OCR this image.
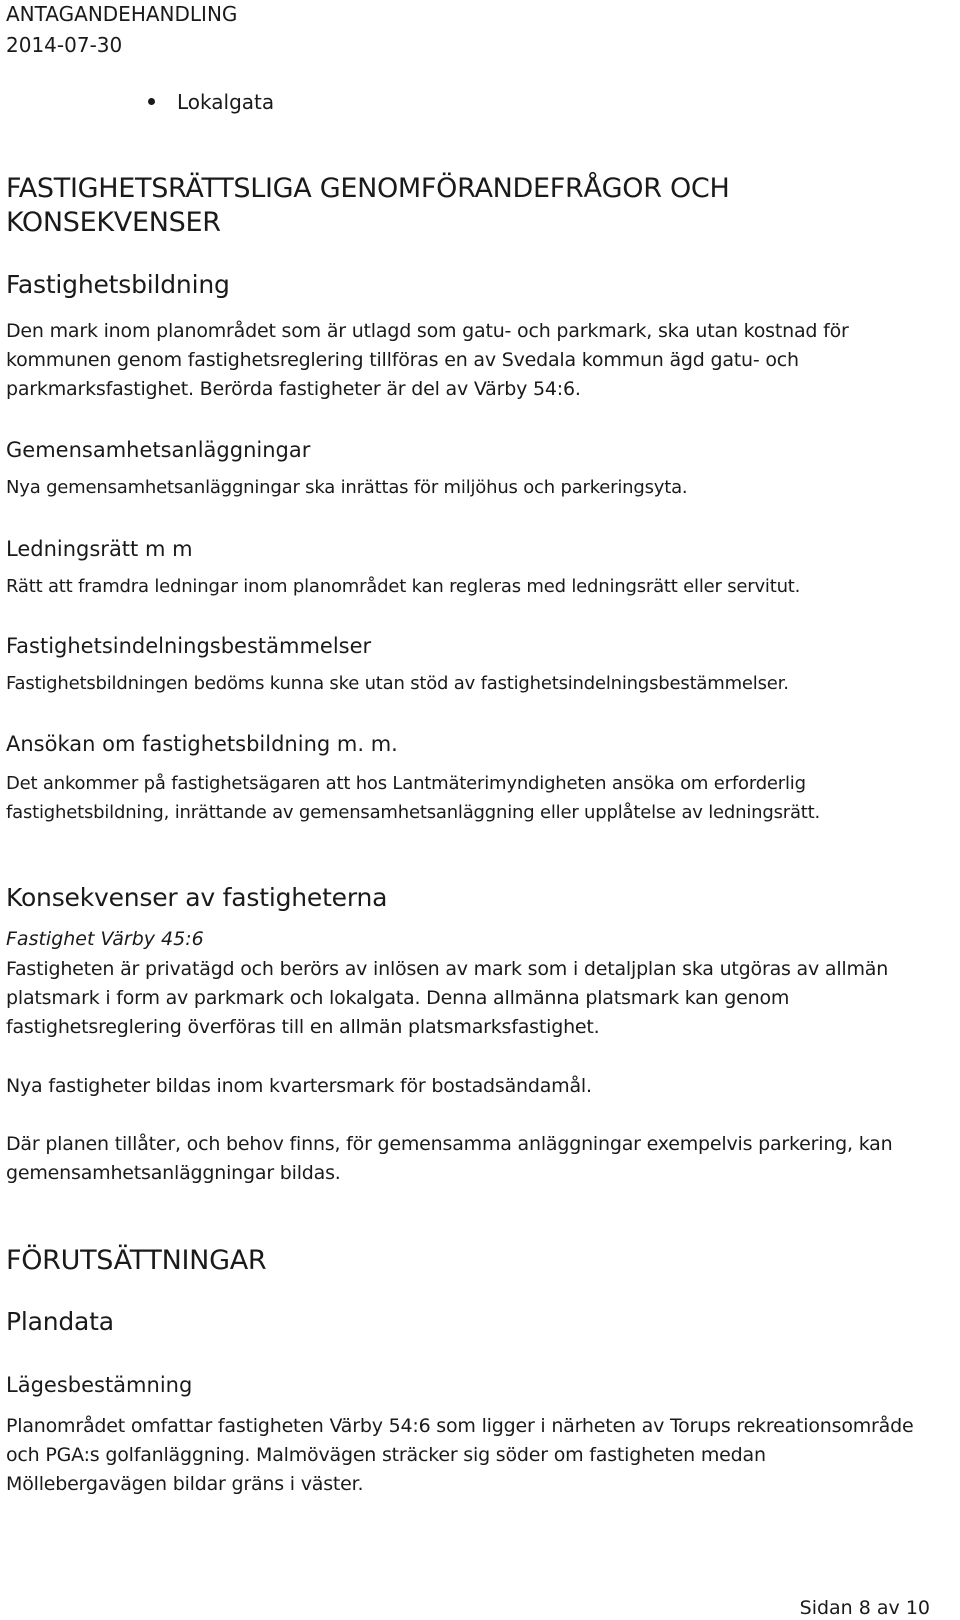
ANTAGANDEHANDLING
2014-07-30
Lokalgata
FASTIGHETSRÄTTSLIGA GENOMFÖRANDEFRÅGOR OCH
KONSEKVENSER
Fastighetsbildning
Den mark inom planområdet som är utlagd som gatu- och parkmark, ska utan kostnad för
kommunen genom fastighetsreglering tillföras en av Svedala kommun ägd gatu- och
parkmarksfastighet. Berörda fastigheter är del av Värby 54:6.
Gemensamhetsanläggningar
Nya gemensamhetsanläggningar ska inrättas för miljöhus och parkeringsyta.
Ledningsrätt m m
Rätt att framdra ledningar inom planområdet kan regleras med ledningsrätt eller servitut.
Fastighetsindelningsbestämmelser
Fastighetsbildningen bedöms kunna ske utan stöd av fastighetsindelningsbestämmelser.
Ansökan om fastighetsbildning m. m.
Det ankommer på fastighetsägaren att hos Lantmäterimyndigheten ansöka om erforderlig
fastighetsbildning, inrättande av gemensamhetsanläggning eller upplåtelse av ledningsrätt.
Konsekvenser av fastigheterna
Fastighet Värby 45:6
Fastigheten är privatägd och berörs av inlösen av mark som i detaljplan ska utgöras av allmän
platsmark i form av parkmark och lokalgata. Denna allmänna platsmark kan genom
fastighetsreglering överföras till en allmän platsmarksfastighet.
Nya fastigheter bildas inom kvartersmark för bostadsändamål.
Där planen tillåter, och behov finns, för gemensamma anläggningar exempelvis parkering, kan
gemensamhetsanläggningar bildas.
FÖRUTSÄTTNINGAR
Plandata
Lägesbestämning
Planområdet omfattar fastigheten Värby 54:6 som ligger i närheten av Torups rekreationsområde
och PGA:s golfanläggning. Malmövägen sträcker sig söder om fastigheten medan
Möllebergavägen bildar gräns i väster.
Sidan 8 av 10
